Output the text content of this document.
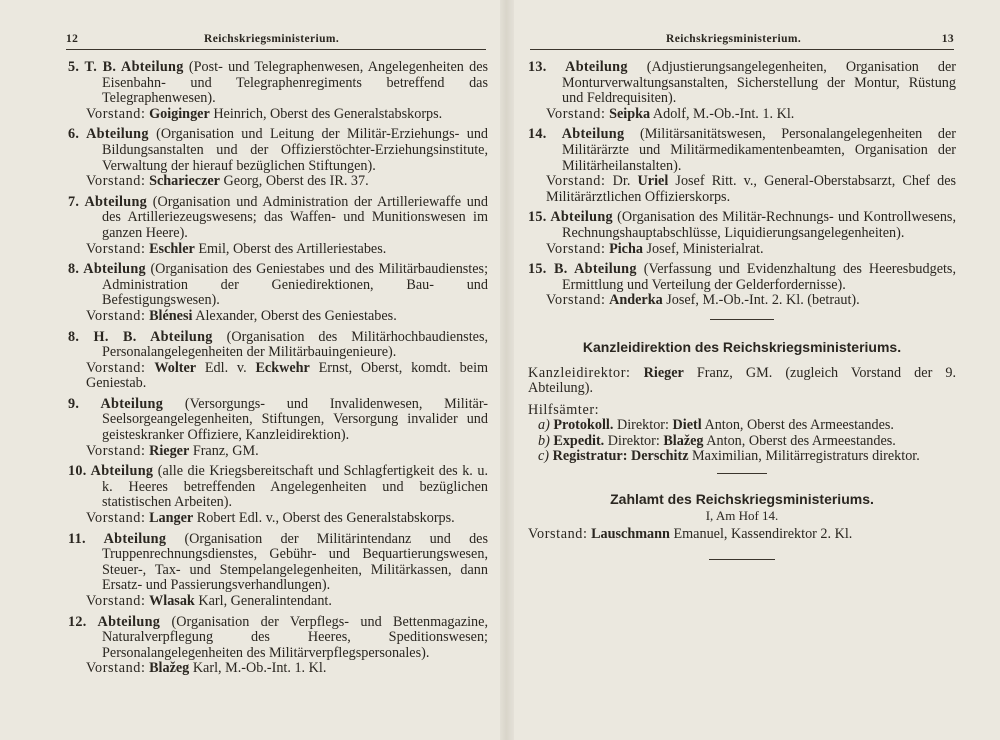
12	Reichskriegsministerium.

5. T. B. Abteilung (Post- und Telegraphenwesen, Angelegenheiten des Eisenbahn- und Telegraphenregiments betreffend das Telegraphenwesen).

Vorstand: Goiginger Heinrich, Oberst des Generalstabskorps.

6. Abteilung (Organisation und Leitung der Militär-Erziehungs- und Bildungsanstalten und der Offizierstöchter-Erziehungsinstitute, Verwaltung der hierauf bezüglichen Stiftungen).

Vorstand: Scharieczer Georg, Oberst des IR. 37.

7. Abteilung (Organisation und Administration der Artilleriewaffe und des Artilleriezeugswesens; das Waffen- und Munitionswesen im ganzen Heere).

Vorstand: Eschler Emil, Oberst des Artilleriestabes.

8. Abteilung (Organisation des Geniestabes und des Militärbaudienstes; Administration der Geniedirektionen, Bau- und Befestigungswesen).

Vorstand: Blénesi Alexander, Oberst des Geniestabes.

8. H. B. Abteilung (Organisation des Militärhochbaudienstes, Personalangelegenheiten der Militärbauingenieure).

Vorstand: Wolter Edl. v. Eckwehr Ernst, Oberst, komdt. beim Geniestab.

9. Abteilung (Versorgungs- und Invalidenwesen, Militär-Seelsorgeangelegenheiten, Stiftungen, Versorgung invalider und geisteskranker Offiziere, Kanzleidirektion).

Vorstand: Rieger Franz, GM.

10. Abteilung (alle die Kriegsbereitschaft und Schlagfertigkeit des k. u. k. Heeres betreffenden Angelegenheiten und bezüglichen statistischen Arbeiten).

Vorstand: Langer Robert Edl. v., Oberst des Generalstabskorps.

11. Abteilung (Organisation der Militärintendanz und des Truppenrechnungsdienstes, Gebühr- und Bequartierungswesen, Steuer-, Tax- und Stempelangelegenheiten, Militärkassen, dann Ersatz- und Passierungsverhandlungen).

Vorstand: Wlasak Karl, Generalintendant.

12. Abteilung (Organisation der Verpflegs- und Bettenmagazine, Naturalverpflegung des Heeres, Speditionswesen; Personalangelegenheiten des Militärverpflegspersonales).

Vorstand: Blažeg Karl, M.-Ob.-Int. 1. Kl.

Reichskriegsministerium.	13

13. Abteilung (Adjustierungsangelegenheiten, Organisation der Monturverwaltungsanstalten, Sicherstellung der Montur, Rüstung und Feldrequisiten).

Vorstand: Seipka Adolf, M.-Ob.-Int. 1. Kl.

14. Abteilung (Militärsanitätswesen, Personalangelegenheiten der Militärärzte und Militärmedikamentenbeamten, Organisation der Militärheilanstalten).

Vorstand: Dr. Uriel Josef Ritt. v., General-Oberstabsarzt, Chef des Militärärztlichen Offizierskorps.

15. Abteilung (Organisation des Militär-Rechnungs- und Kontrollwesens, Rechnungshauptabschlüsse, Liquidierungsangelegenheiten).

Vorstand: Picha Josef, Ministerialrat.

15. B. Abteilung (Verfassung und Evidenzhaltung des Heeresbudgets, Ermittlung und Verteilung der Gelderfordernisse).

Vorstand: Anderka Josef, M.-Ob.-Int. 2. Kl. (betraut).

Kanzleidirektion des Reichskriegsministeriums.

Kanzleidirektor: Rieger Franz, GM. (zugleich Vorstand der 9. Abteilung).

Hilfsämter:

a) Protokoll. Direktor: Dietl Anton, Oberst des Armeestandes.

b) Expedit. Direktor: Blažeg Anton, Oberst des Armeestandes.

c) Registratur: Derschitz Maximilian, Militärregistraturs direktor.

Zahlamt des Reichskriegsministeriums.

I, Am Hof 14.

Vorstand: Lauschmann Emanuel, Kassendirektor 2. Kl.
